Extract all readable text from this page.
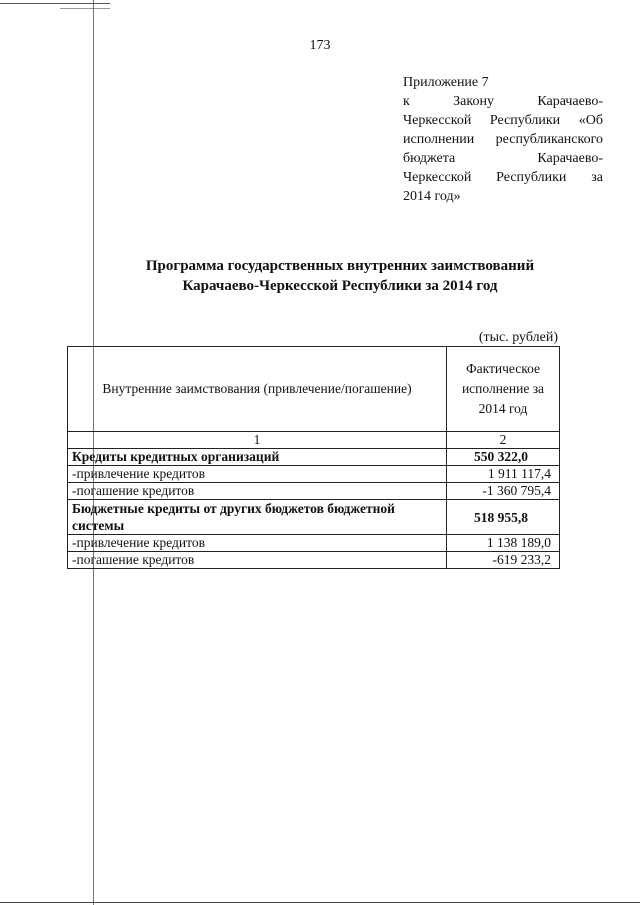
173
Приложение 7
к Закону Карачаево-
Черкесской Республики «Об
исполнении республиканского
бюджета Карачаево-
Черкесской Республики за
2014 год»
Программа государственных внутренних заимствований
Карачаево-Черкесской Республики за 2014 год
(тыс. рублей)
Внутренние заимствования (привлечение/погашение)	Фактическое исполнение за 2014 год
1	2
Кредиты кредитных организаций	550 322,0
-привлечение кредитов	1 911 117,4
-погашение кредитов	-1 360 795,4
Бюджетные кредиты от других бюджетов бюджетной системы	518 955,8
-привлечение кредитов	1 138 189,0
-погашение кредитов	-619 233,2
